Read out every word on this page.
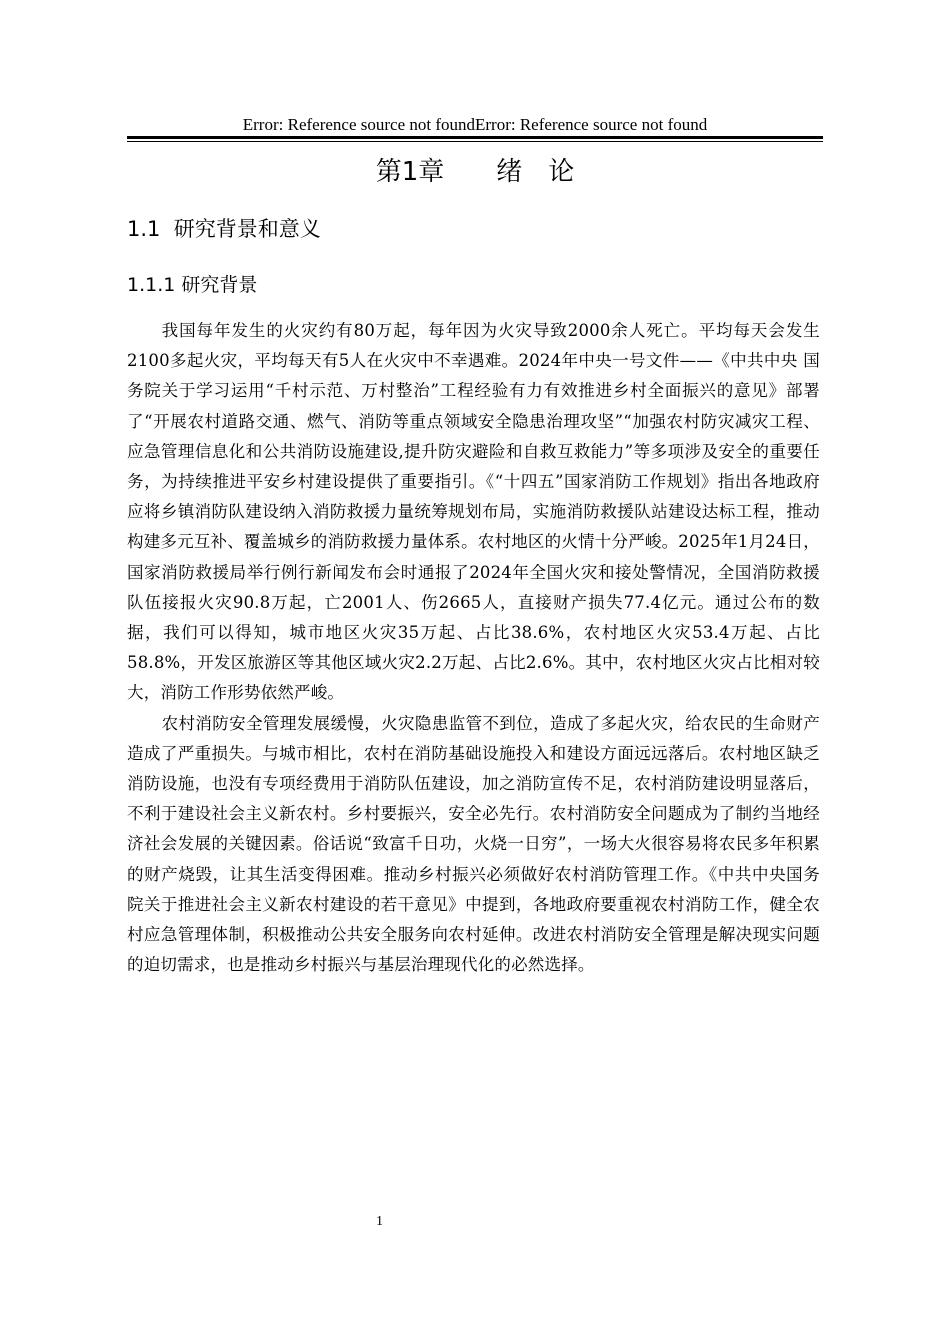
Error: Reference source not foundError: Reference source not found
第1章　　绪　论
1.1  研究背景和意义
1.1.1 研究背景

我国每年发生的火灾约有80万起，每年因为火灾导致2000余人死亡。平均每天会发生2100多起火灾，平均每天有5人在火灾中不幸遇难。2024年中央一号文件——《中共中央 国务院关于学习运用“千村示范、万村整治”工程经验有力有效推进乡村全面振兴的意见》部署了“开展农村道路交通、燃气、消防等重点领域安全隐患治理攻坚”“加强农村防灾减灾工程、应急管理信息化和公共消防设施建设,提升防灾避险和自救互救能力”等多项涉及安全的重要任务，为持续推进平安乡村建设提供了重要指引。《“十四五”国家消防工作规划》指出各地政府应将乡镇消防队建设纳入消防救援力量统筹规划布局，实施消防救援队站建设达标工程，推动构建多元互补、覆盖城乡的消防救援力量体系。农村地区的火情十分严峻。2025年1月24日，国家消防救援局举行例行新闻发布会时通报了2024年全国火灾和接处警情况，全国消防救援队伍接报火灾90.8万起，亡2001人、伤2665人，直接财产损失77.4亿元。通过公布的数据，我们可以得知，城市地区火灾35万起、占比38.6%，农村地区火灾53.4万起、占比58.8%，开发区旅游区等其他区域火灾2.2万起、占比2.6%。其中，农村地区火灾占比相对较大，消防工作形势依然严峻。

农村消防安全管理发展缓慢，火灾隐患监管不到位，造成了多起火灾，给农民的生命财产造成了严重损失。与城市相比，农村在消防基础设施投入和建设方面远远落后。农村地区缺乏消防设施，也没有专项经费用于消防队伍建设，加之消防宣传不足，农村消防建设明显落后，不利于建设社会主义新农村。乡村要振兴，安全必先行。农村消防安全问题成为了制约当地经济社会发展的关键因素。俗话说“致富千日功，火烧一日穷”，一场大火很容易将农民多年积累的财产烧毁，让其生活变得困难。推动乡村振兴必须做好农村消防管理工作。《中共中央国务院关于推进社会主义新农村建设的若干意见》中提到，各地政府要重视农村消防工作，健全农村应急管理体制，积极推动公共安全服务向农村延伸。改进农村消防安全管理是解决现实问题的迫切需求，也是推动乡村振兴与基层治理现代化的必然选择。

1
